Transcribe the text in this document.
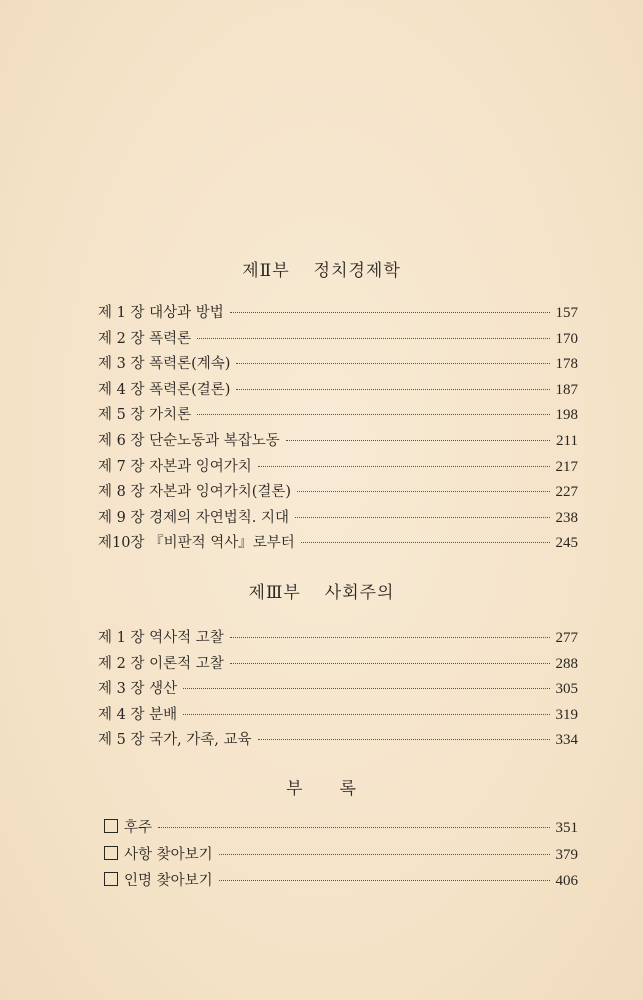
제Ⅱ부 정치경제학
제 1 장 대상과 방법	157
제 2 장 폭력론	170
제 3 장 폭력론(계속)	178
제 4 장 폭력론(결론)	187
제 5 장 가치론	198
제 6 장 단순노동과 복잡노동	211
제 7 장 자본과 잉여가치	217
제 8 장 자본과 잉여가치(결론)	227
제 9 장 경제의 자연법칙. 지대	238
제10장 『비판적 역사』로부터	245
제Ⅲ부 사회주의
제 1 장 역사적 고찰	277
제 2 장 이론적 고찰	288
제 3 장 생산	305
제 4 장 분배	319
제 5 장 국가, 가족, 교육	334
부 록
후주	351
사항 찾아보기	379
인명 찾아보기	406
